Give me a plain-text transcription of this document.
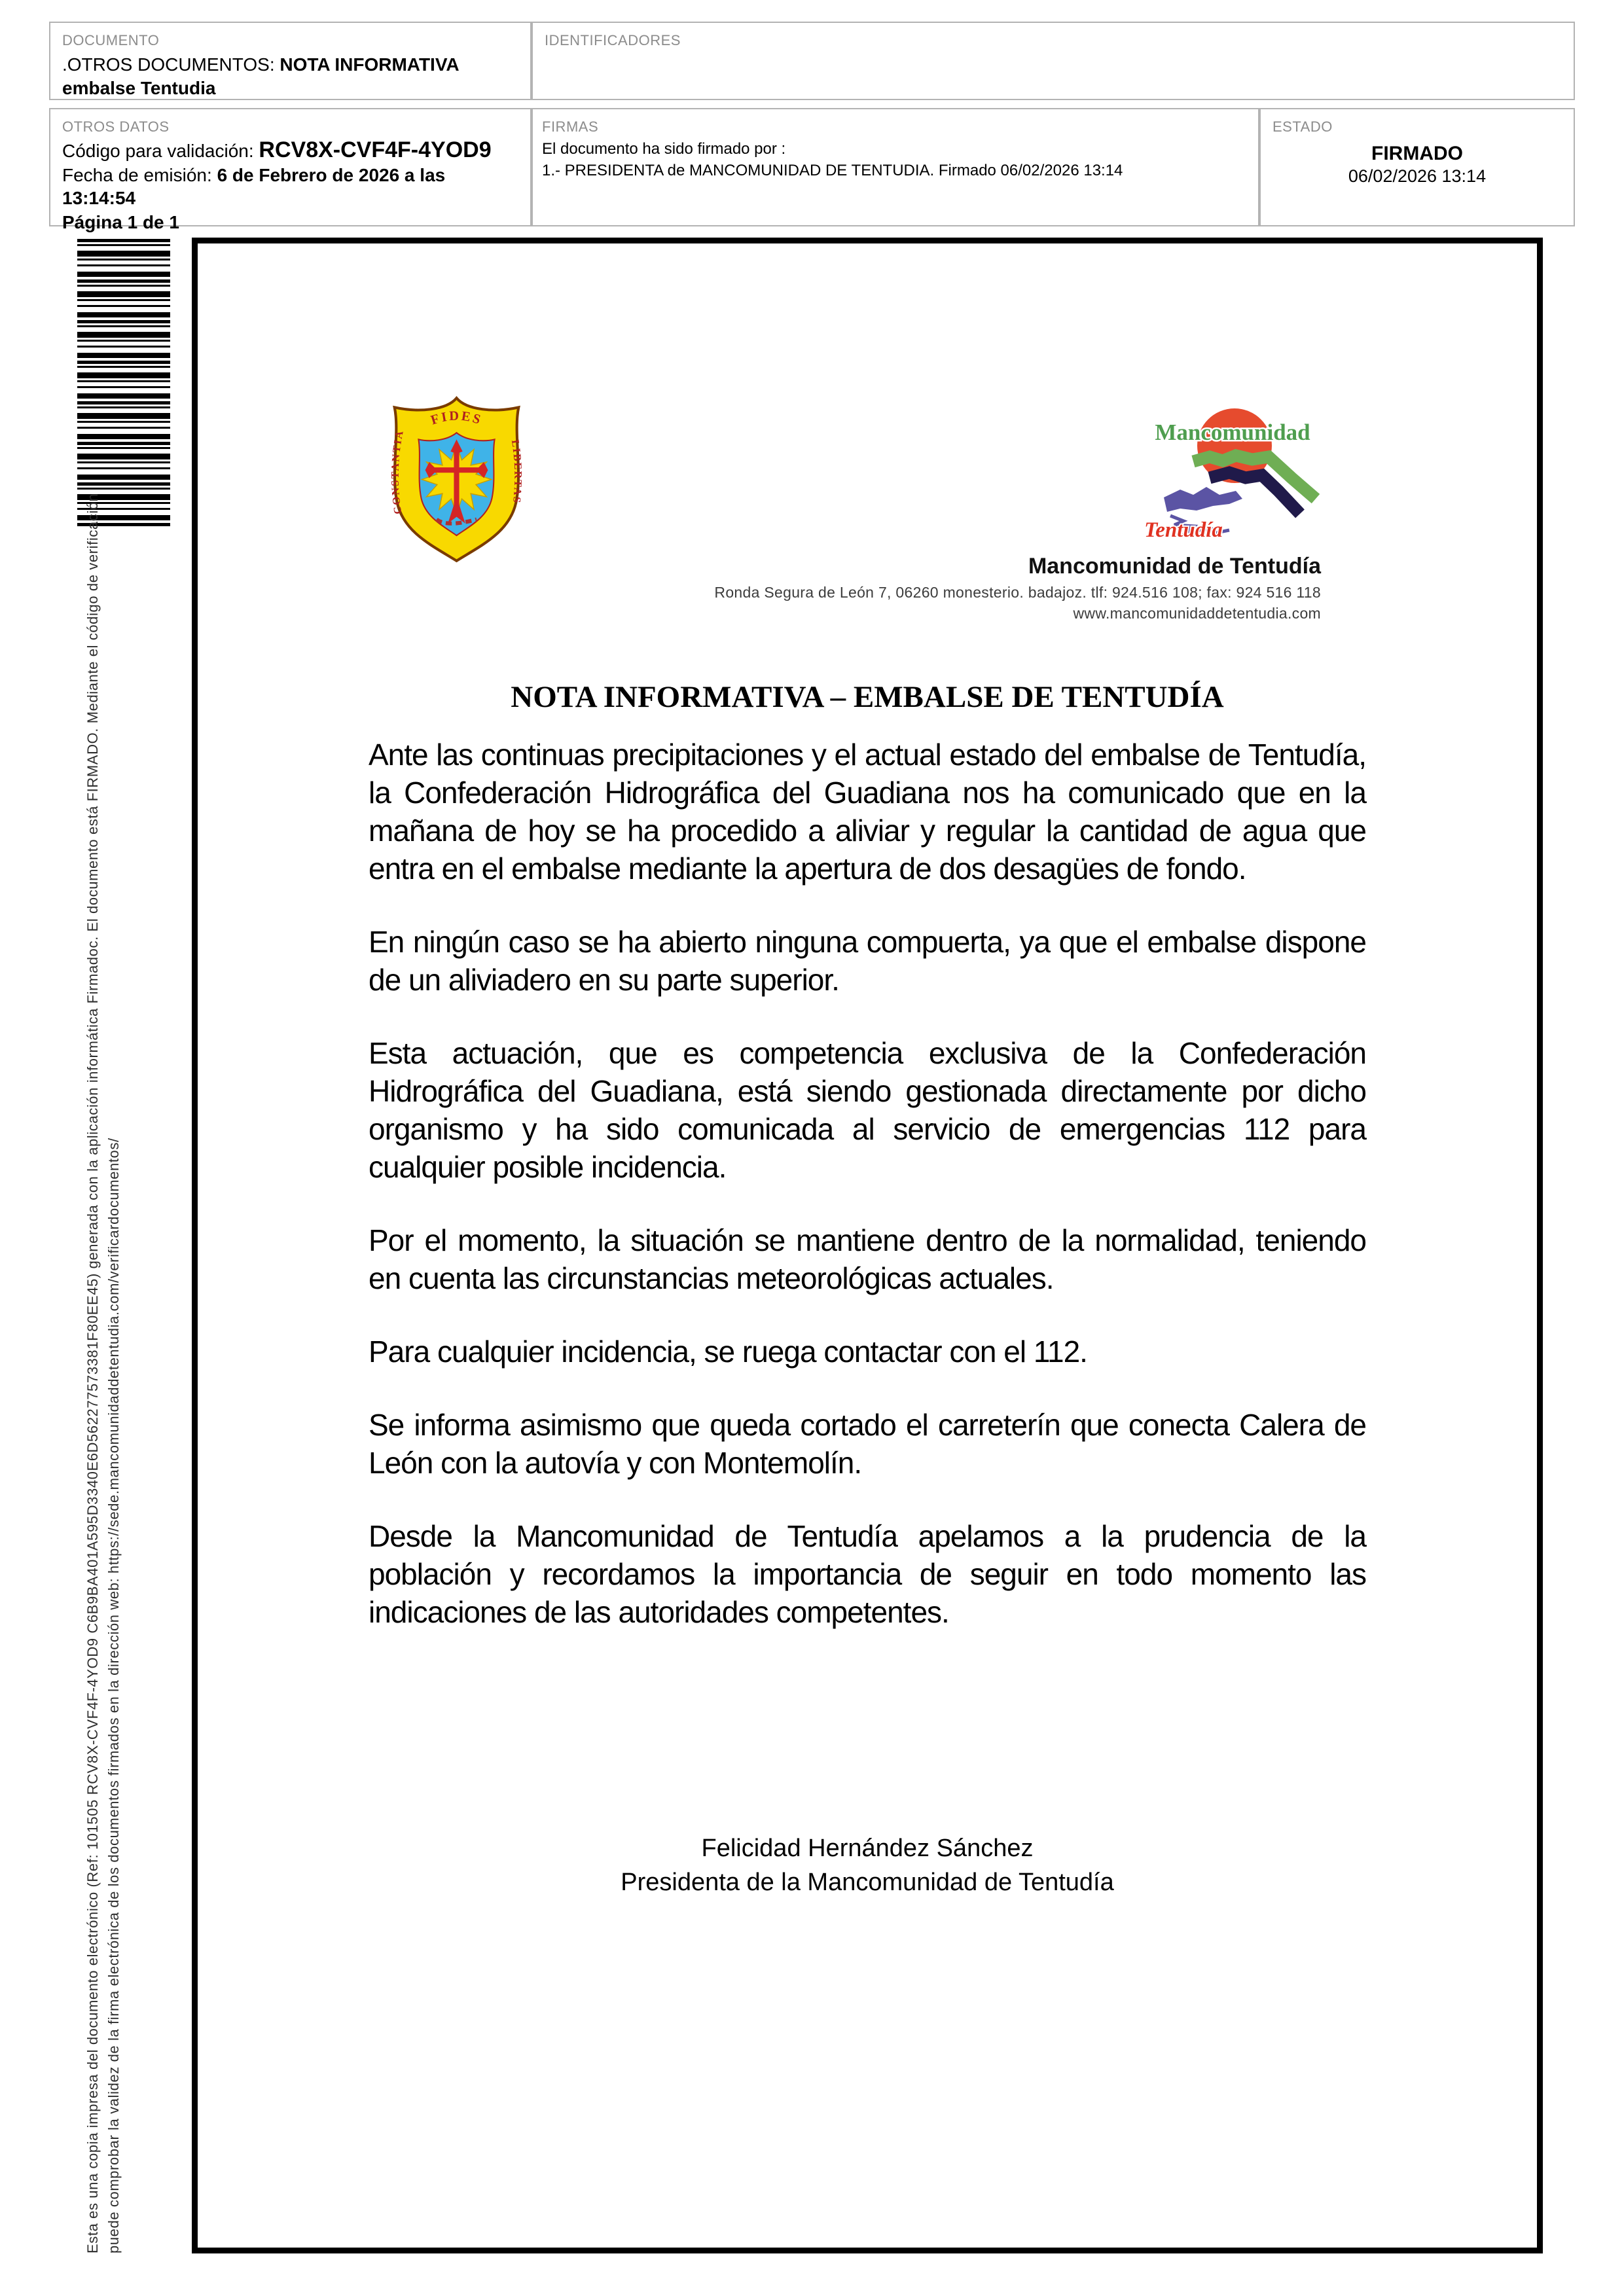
DOCUMENTO
.OTROS DOCUMENTOS: NOTA INFORMATIVA embalse Tentudia
IDENTIFICADORES
OTROS DATOS
Código para validación: RCV8X-CVF4F-4YOD9
Fecha de emisión: 6 de Febrero de 2026 a las 13:14:54
Página 1 de 1
FIRMAS
El documento ha sido firmado por :
1.- PRESIDENTA de MANCOMUNIDAD DE TENTUDIA. Firmado 06/02/2026 13:14
ESTADO
FIRMADO
06/02/2026 13:14
Esta es una copia impresa del documento electrónico (Ref: 101505 RCV8X-CVF4F-4YOD9 C6B9BA401A595D3340E6D562277573381F80EE45) generada con la aplicación informática Firmadoc. El documento está FIRMADO. Mediante el código de verificación puede comprobar la validez de la firma electrónica de los documentos firmados en la dirección web: https://sede.mancomunidaddetentudia.com/verificardocumentos/
FIDES
CONSTANTIA
LIBERTAS
Mancomunidad
Tentudía
Mancomunidad de Tentudía
Ronda Segura de León 7, 06260 monesterio. badajoz. tlf: 924.516 108; fax: 924 516 118
www.mancomunidaddetentudia.com
NOTA INFORMATIVA – EMBALSE DE TENTUDÍA

Ante las continuas precipitaciones y el actual estado del embalse de Tentudía, la Confederación Hidrográfica del Guadiana nos ha comunicado que en la mañana de hoy se ha procedido a aliviar y regular la cantidad de agua que entra en el embalse mediante la apertura de dos desagües de fondo.

En ningún caso se ha abierto ninguna compuerta, ya que el embalse dispone de un aliviadero en su parte superior.

Esta actuación, que es competencia exclusiva de la Confederación Hidrográfica del Guadiana, está siendo gestionada directamente por dicho organismo y ha sido comunicada al servicio de emergencias 112 para cualquier posible incidencia.

Por el momento, la situación se mantiene dentro de la normalidad, teniendo en cuenta las circunstancias meteorológicas actuales.

Para cualquier incidencia, se ruega contactar con el 112.

Se informa asimismo que queda cortado el carreterín que conecta Calera de León con la autovía y con Montemolín.

Desde la Mancomunidad de Tentudía apelamos a la prudencia de la población y recordamos la importancia de seguir en todo momento las indicaciones de las autoridades competentes.

Felicidad Hernández Sánchez
Presidenta de la Mancomunidad de Tentudía
